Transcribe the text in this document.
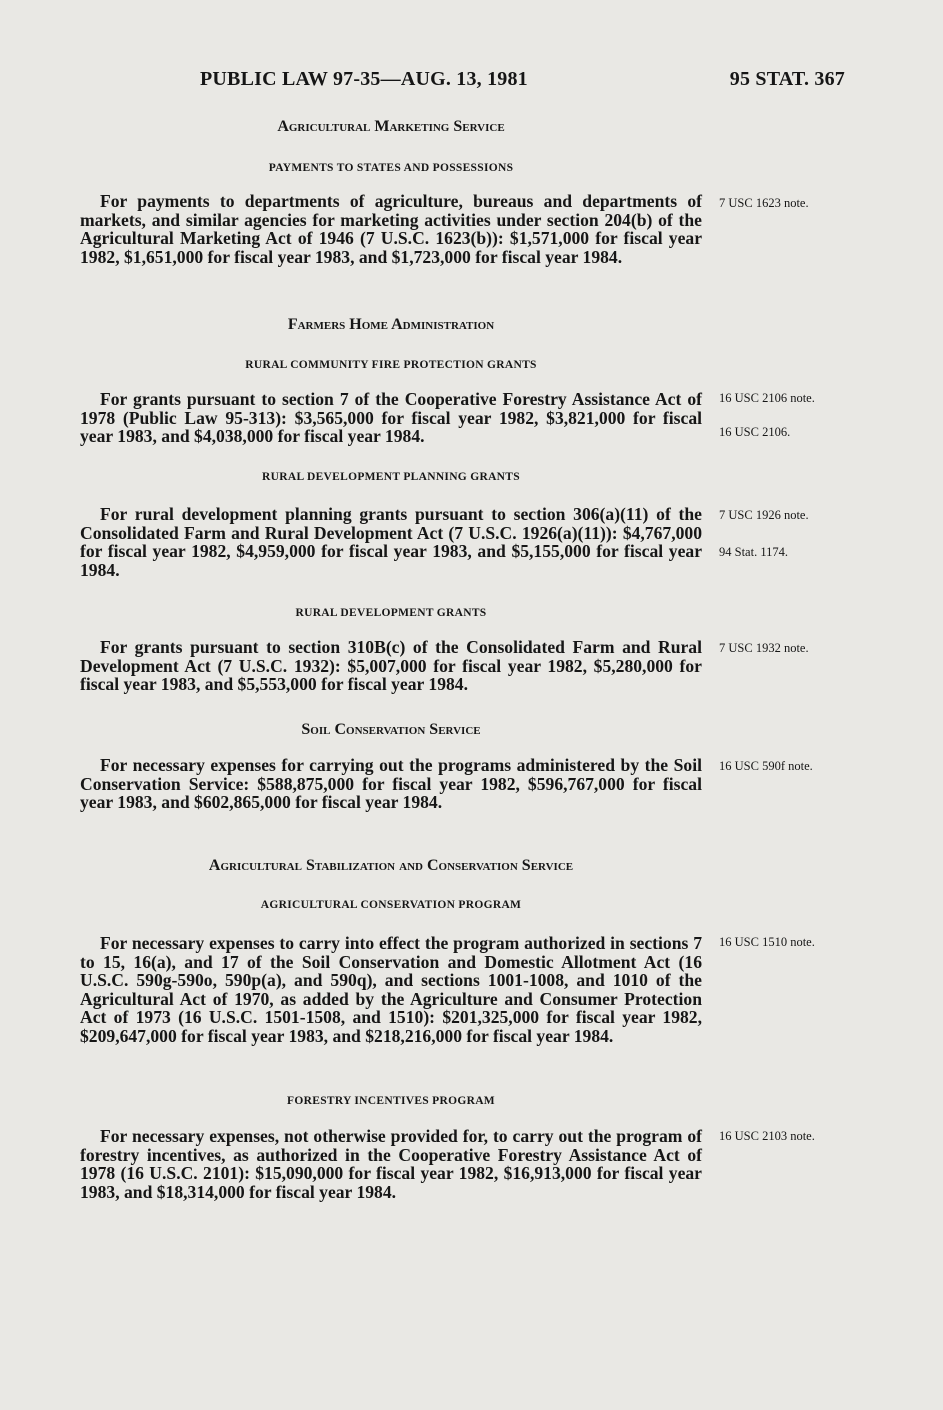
PUBLIC LAW 97-35—AUG. 13, 1981	95 STAT. 367
Agricultural Marketing Service
PAYMENTS TO STATES AND POSSESSIONS

For payments to departments of agriculture, bureaus and departments of markets, and similar agencies for marketing activities under section 204(b) of the Agricultural Marketing Act of 1946 (7 U.S.C. 1623(b)): $1,571,000 for fiscal year 1982, $1,651,000 for fiscal year 1983, and $1,723,000 for fiscal year 1984.

7 USC 1623 note.
Farmers Home Administration
RURAL COMMUNITY FIRE PROTECTION GRANTS

For grants pursuant to section 7 of the Cooperative Forestry Assistance Act of 1978 (Public Law 95-313): $3,565,000 for fiscal year 1982, $3,821,000 for fiscal year 1983, and $4,038,000 for fiscal year 1984.

16 USC 2106 note.
16 USC 2106.
RURAL DEVELOPMENT PLANNING GRANTS

For rural development planning grants pursuant to section 306(a)(11) of the Consolidated Farm and Rural Development Act (7 U.S.C. 1926(a)(11)): $4,767,000 for fiscal year 1982, $4,959,000 for fiscal year 1983, and $5,155,000 for fiscal year 1984.

7 USC 1926 note.
94 Stat. 1174.
RURAL DEVELOPMENT GRANTS

For grants pursuant to section 310B(c) of the Consolidated Farm and Rural Development Act (7 U.S.C. 1932): $5,007,000 for fiscal year 1982, $5,280,000 for fiscal year 1983, and $5,553,000 for fiscal year 1984.

7 USC 1932 note.
Soil Conservation Service

For necessary expenses for carrying out the programs administered by the Soil Conservation Service: $588,875,000 for fiscal year 1982, $596,767,000 for fiscal year 1983, and $602,865,000 for fiscal year 1984.

16 USC 590f note.
Agricultural Stabilization and Conservation Service
AGRICULTURAL CONSERVATION PROGRAM

For necessary expenses to carry into effect the program authorized in sections 7 to 15, 16(a), and 17 of the Soil Conservation and Domestic Allotment Act (16 U.S.C. 590g-590o, 590p(a), and 590q), and sections 1001-1008, and 1010 of the Agricultural Act of 1970, as added by the Agriculture and Consumer Protection Act of 1973 (16 U.S.C. 1501-1508, and 1510): $201,325,000 for fiscal year 1982, $209,647,000 for fiscal year 1983, and $218,216,000 for fiscal year 1984.

16 USC 1510 note.
FORESTRY INCENTIVES PROGRAM

For necessary expenses, not otherwise provided for, to carry out the program of forestry incentives, as authorized in the Cooperative Forestry Assistance Act of 1978 (16 U.S.C. 2101): $15,090,000 for fiscal year 1982, $16,913,000 for fiscal year 1983, and $18,314,000 for fiscal year 1984.

16 USC 2103 note.
